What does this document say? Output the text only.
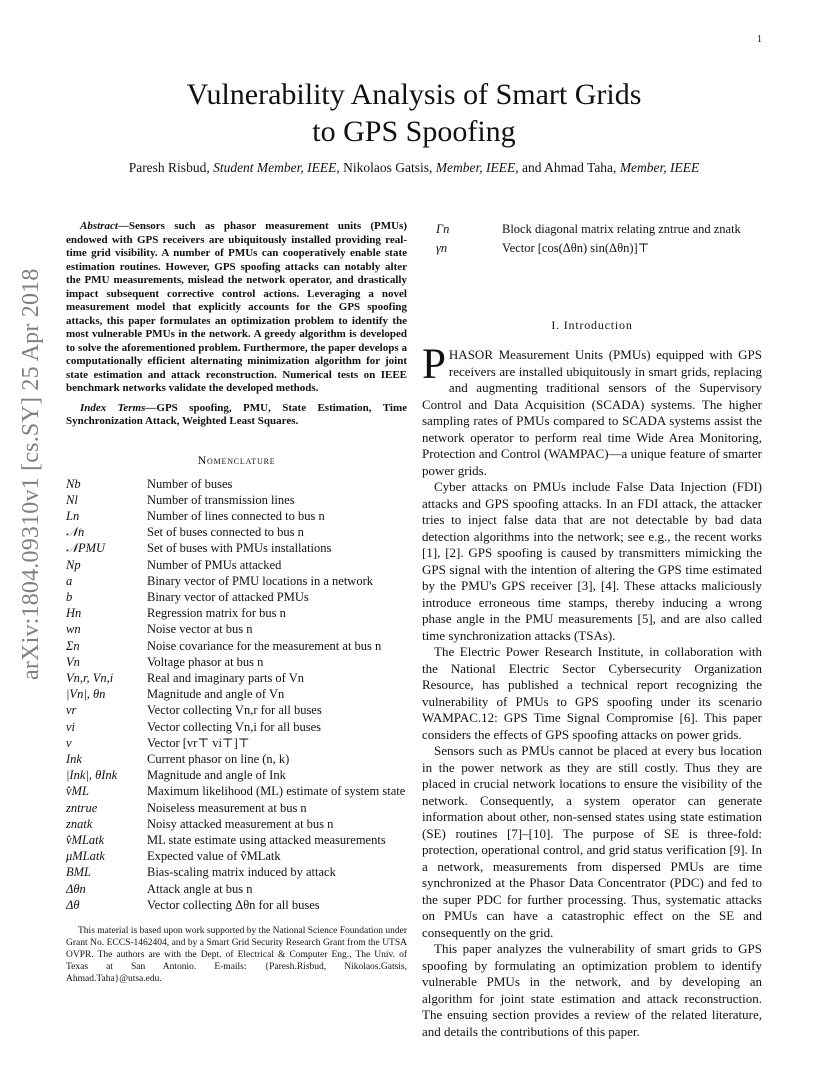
1
arXiv:1804.09310v1 [cs.SY] 25 Apr 2018
Vulnerability Analysis of Smart Grids
to GPS Spoofing
Paresh Risbud, Student Member, IEEE, Nikolaos Gatsis, Member, IEEE, and Ahmad Taha, Member, IEEE

Abstract—Sensors such as phasor measurement units (PMUs) endowed with GPS receivers are ubiquitously installed providing real-time grid visibility. A number of PMUs can cooperatively enable state estimation routines. However, GPS spoofing attacks can notably alter the PMU measurements, mislead the network operator, and drastically impact subsequent corrective control actions. Leveraging a novel measurement model that explicitly accounts for the GPS spoofing attacks, this paper formulates an optimization problem to identify the most vulnerable PMUs in the network. A greedy algorithm is developed to solve the aforementioned problem. Furthermore, the paper develops a computationally efficient alternating minimization algorithm for joint state estimation and attack reconstruction. Numerical tests on IEEE benchmark networks validate the developed methods.

Index Terms—GPS spoofing, PMU, State Estimation, Time Synchronization Attack, Weighted Least Squares.

Nomenclature

Nb	Number of buses
Nl	Number of transmission lines
Ln	Number of lines connected to bus n
𝒩n	Set of buses connected to bus n
𝒩PMU	Set of buses with PMUs installations
Np	Number of PMUs attacked
a	Binary vector of PMU locations in a network
b	Binary vector of attacked PMUs
Hn	Regression matrix for bus n
wn	Noise vector at bus n
Σn	Noise covariance for the measurement at bus n
Vn	Voltage phasor at bus n
Vn,r, Vn,i	Real and imaginary parts of Vn
|Vn|, θn	Magnitude and angle of Vn
vr	Vector collecting Vn,r for all buses
vi	Vector collecting Vn,i for all buses
v	Vector [vr⊤ vi⊤]⊤
Ink	Current phasor on line (n, k)
|Ink|, θInk	Magnitude and angle of Ink
v̂ML	Maximum likelihood (ML) estimate of system state
zntrue	Noiseless measurement at bus n
znatk	Noisy attacked measurement at bus n
v̂MLatk	ML state estimate using attacked measurements
μMLatk	Expected value of v̂MLatk
BML	Bias-scaling matrix induced by attack
Δθn	Attack angle at bus n
Δθ	Vector collecting Δθn for all buses
This material is based upon work supported by the National Science Foundation under Grant No. ECCS-1462404, and by a Smart Grid Security Research Grant from the UTSA OVPR. The authors are with the Dept. of Electrical & Computer Eng., The Univ. of Texas at San Antonio. E-mails: {Paresh.Risbud, Nikolaos.Gatsis, Ahmad.Taha}@utsa.edu.
Γn	Block diagonal matrix relating zntrue and znatk
γn	Vector [cos(Δθn) sin(Δθn)]⊤

I. Introduction

PHASOR Measurement Units (PMUs) equipped with GPS receivers are installed ubiquitously in smart grids, replacing and augmenting traditional sensors of the Supervisory Control and Data Acquisition (SCADA) systems. The higher sampling rates of PMUs compared to SCADA systems assist the network operator to perform real time Wide Area Monitoring, Protection and Control (WAMPAC)—a unique feature of smarter power grids.

Cyber attacks on PMUs include False Data Injection (FDI) attacks and GPS spoofing attacks. In an FDI attack, the attacker tries to inject false data that are not detectable by bad data detection algorithms into the network; see e.g., the recent works [1], [2]. GPS spoofing is caused by transmitters mimicking the GPS signal with the intention of altering the GPS time estimated by the PMU's GPS receiver [3], [4]. These attacks maliciously introduce erroneous time stamps, thereby inducing a wrong phase angle in the PMU measurements [5], and are also called time synchronization attacks (TSAs).

The Electric Power Research Institute, in collaboration with the National Electric Sector Cybersecurity Organization Resource, has published a technical report recognizing the vulnerability of PMUs to GPS spoofing under its scenario WAMPAC.12: GPS Time Signal Compromise [6]. This paper considers the effects of GPS spoofing attacks on power grids.

Sensors such as PMUs cannot be placed at every bus location in the power network as they are still costly. Thus they are placed in crucial network locations to ensure the visibility of the network. Consequently, a system operator can generate information about other, non-sensed states using state estimation (SE) routines [7]–[10]. The purpose of SE is three-fold: protection, operational control, and grid status verification [9]. In a network, measurements from dispersed PMUs are time synchronized at the Phasor Data Concentrator (PDC) and fed to the super PDC for further processing. Thus, systematic attacks on PMUs can have a catastrophic effect on the SE and consequently on the grid.

This paper analyzes the vulnerability of smart grids to GPS spoofing by formulating an optimization problem to identify vulnerable PMUs in the network, and by developing an algorithm for joint state estimation and attack reconstruction. The ensuing section provides a review of the related literature, and details the contributions of this paper.
